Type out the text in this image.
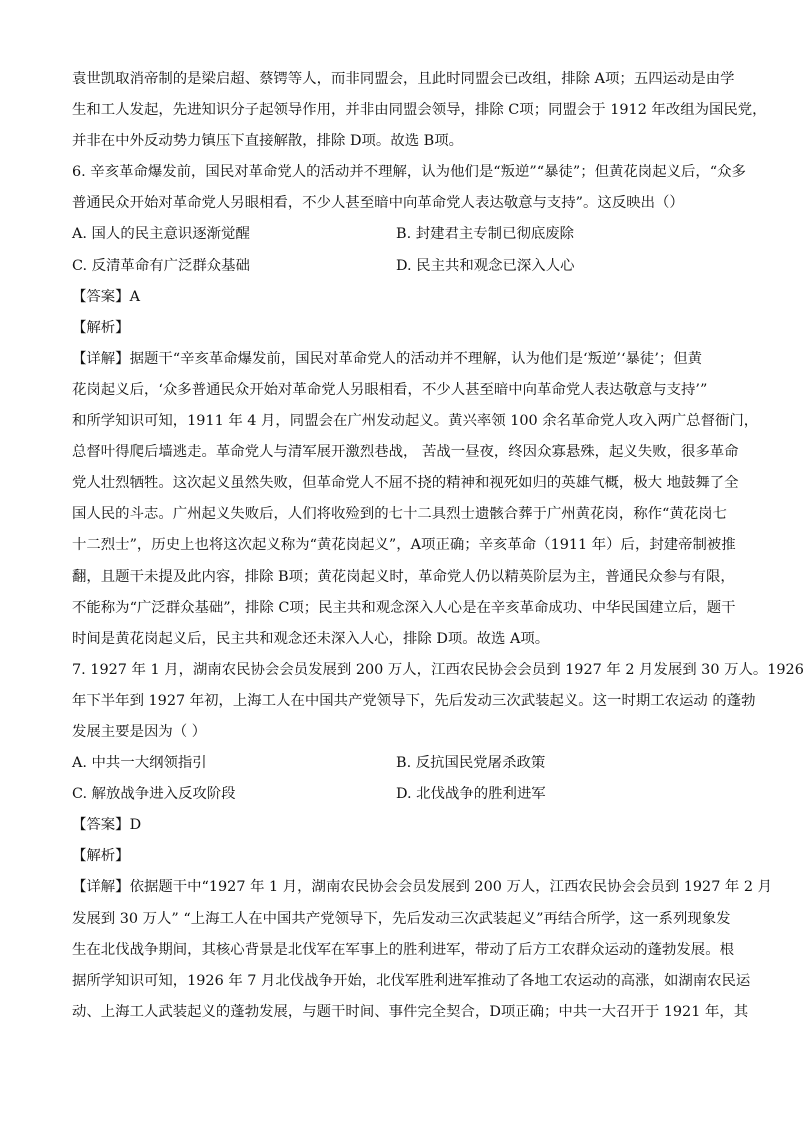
袁世凯取消帝制的是梁启超、蔡锷等人，而非同盟会，且此时同盟会已改组，排除 A项；五四运动是由学
生和工人发起，先进知识分子起领导作用，并非由同盟会领导，排除 C项；同盟会于 1912 年改组为国民党，
并非在中外反动势力镇压下直接解散，排除 D项。故选 B项。
6. 辛亥革命爆发前，国民对革命党人的活动并不理解，认为他们是“叛逆”“暴徒”；但黄花岗起义后，“众多
普通民众开始对革命党人另眼相看，不少人甚至暗中向革命党人表达敬意与支持”。这反映出（）
A. 国人的民主意识逐渐觉醒	B. 封建君主专制已彻底废除
C. 反清革命有广泛群众基础	D. 民主共和观念已深入人心
【答案】A
【解析】
【详解】据题干“辛亥革命爆发前，国民对革命党人的活动并不理解，认为他们是‘叛逆’‘暴徒’；但黄
花岗起义后，‘众多普通民众开始对革命党人另眼相看，不少人甚至暗中向革命党人表达敬意与支持’”
和所学知识可知，1911 年 4 月，同盟会在广州发动起义。黄兴率领 100 余名革命党人攻入两广总督衙门，
总督叶得爬后墙逃走。革命党人与清军展开激烈巷战， 苦战一昼夜，终因众寡悬殊，起义失败，很多革命
党人壮烈牺牲。这次起义虽然失败，但革命党人不屈不挠的精神和视死如归的英雄气概，极大 地鼓舞了全
国人民的斗志。广州起义失败后，人们将收殓到的七十二具烈士遗骸合葬于广州黄花岗，称作“黄花岗七
十二烈士”，历史上也将这次起义称为“黄花岗起义”，A项正确；辛亥革命（1911 年）后，封建帝制被推
翻，且题干未提及此内容，排除 B项；黄花岗起义时，革命党人仍以精英阶层为主，普通民众参与有限，
不能称为“广泛群众基础”，排除 C项；民主共和观念深入人心是在辛亥革命成功、中华民国建立后，题干
时间是黄花岗起义后，民主共和观念还未深入人心，排除 D项。故选 A项。
7. 1927 年 1 月，湖南农民协会会员发展到 200 万人，江西农民协会会员到 1927 年 2 月发展到 30 万人。1926
年下半年到 1927 年初，上海工人在中国共产党领导下，先后发动三次武装起义。这一时期工农运动 的蓬勃
发展主要是因为（ ）
A. 中共一大纲领指引	B. 反抗国民党屠杀政策
C. 解放战争进入反攻阶段	D. 北伐战争的胜利进军
【答案】D
【解析】
【详解】依据题干中“1927 年 1 月，湖南农民协会会员发展到 200 万人，江西农民协会会员到 1927 年 2 月
发展到 30 万人” “上海工人在中国共产党领导下，先后发动三次武装起义”再结合所学，这一系列现象发
生在北伐战争期间，其核心背景是北伐军在军事上的胜利进军，带动了后方工农群众运动的蓬勃发展。根
据所学知识可知，1926 年 7 月北伐战争开始，北伐军胜利进军推动了各地工农运动的高涨，如湖南农民运
动、上海工人武装起义的蓬勃发展，与题干时间、事件完全契合，D项正确；中共一大召开于 1921 年，其
